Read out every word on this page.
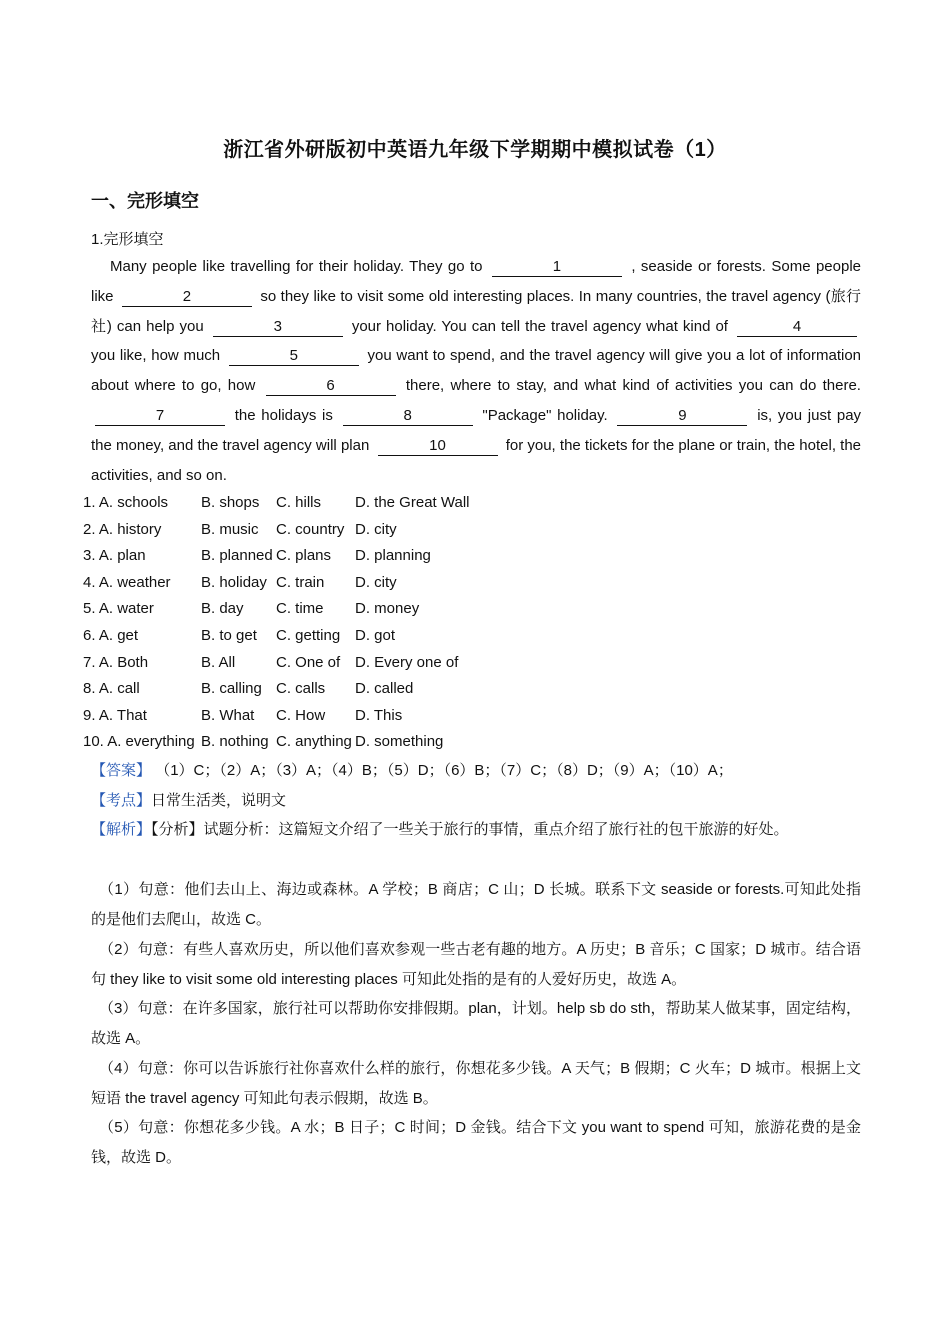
浙江省外研版初中英语九年级下学期期中模拟试卷（1）
一、完形填空
1.完形填空
Many people like travelling for their holiday. They go to	1	, seaside or forests. Some people like	2	so they like to visit some old interesting places. In many countries, the travel agency (旅行社) can help you	3	your holiday. You can tell the travel agency what kind of	4 you like, how much	5	you want to spend, and the travel agency will give you a lot of information about where to go, how	6	there, where to stay, and what kind of activities you can do there. 7	the holidays is	8	"Package" holiday.	9	is, you just pay the money, and the travel agency will plan	10	for you, the tickets for the plane or train, the hotel, the activities, and so on.
1. A. schools B. shops C. hills D. the Great Wall
2. A. history	B. music C. country D. city
3. A. plan	B. planned C. plans D. planning
4. A. weather B. holiday C. train D. city
5. A. water	B. day C. time D. money
6. A. get	B. to get C. getting D. got
7. A. Both	B. All	C. One of D. Every one of
8. A. call	B. calling C. calls D. called
9. A. That	B. What C. How D. This
10. A. everything B. nothing C. anything D. something
【答案】 （1）C；（2）A；（3）A；（4）B；（5）D；（6）B；（7）C；（8）D；（9）A；（10）A；
【考点】日常生活类，说明文
【解析】【分析】试题分析：这篇短文介绍了一些关于旅行的事情，重点介绍了旅行社的包干旅游的好处。
（1）句意：他们去山上、海边或森林。A 学校；B 商店；C 山；D 长城。联系下文 seaside or forests.可知此处指的是他们去爬山，故选 C。
（2）句意：有些人喜欢历史，所以他们喜欢参观一些古老有趣的地方。A 历史；B 音乐；C 国家；D 城市。结合语句 they like to visit some old interesting places 可知此处指的是有的人爱好历史，故选 A。
（3）句意：在许多国家，旅行社可以帮助你安排假期。plan，计划。help sb do sth，帮助某人做某事，固定结构，故选 A。
（4）句意：你可以告诉旅行社你喜欢什么样的旅行，你想花多少钱。A 天气；B 假期；C 火车；D 城市。根据上文短语 the travel agency 可知此句表示假期，故选 B。
（5）句意：你想花多少钱。A 水；B 日子；C 时间；D 金钱。结合下文 you want to spend 可知，旅游花费的是金钱，故选 D。
